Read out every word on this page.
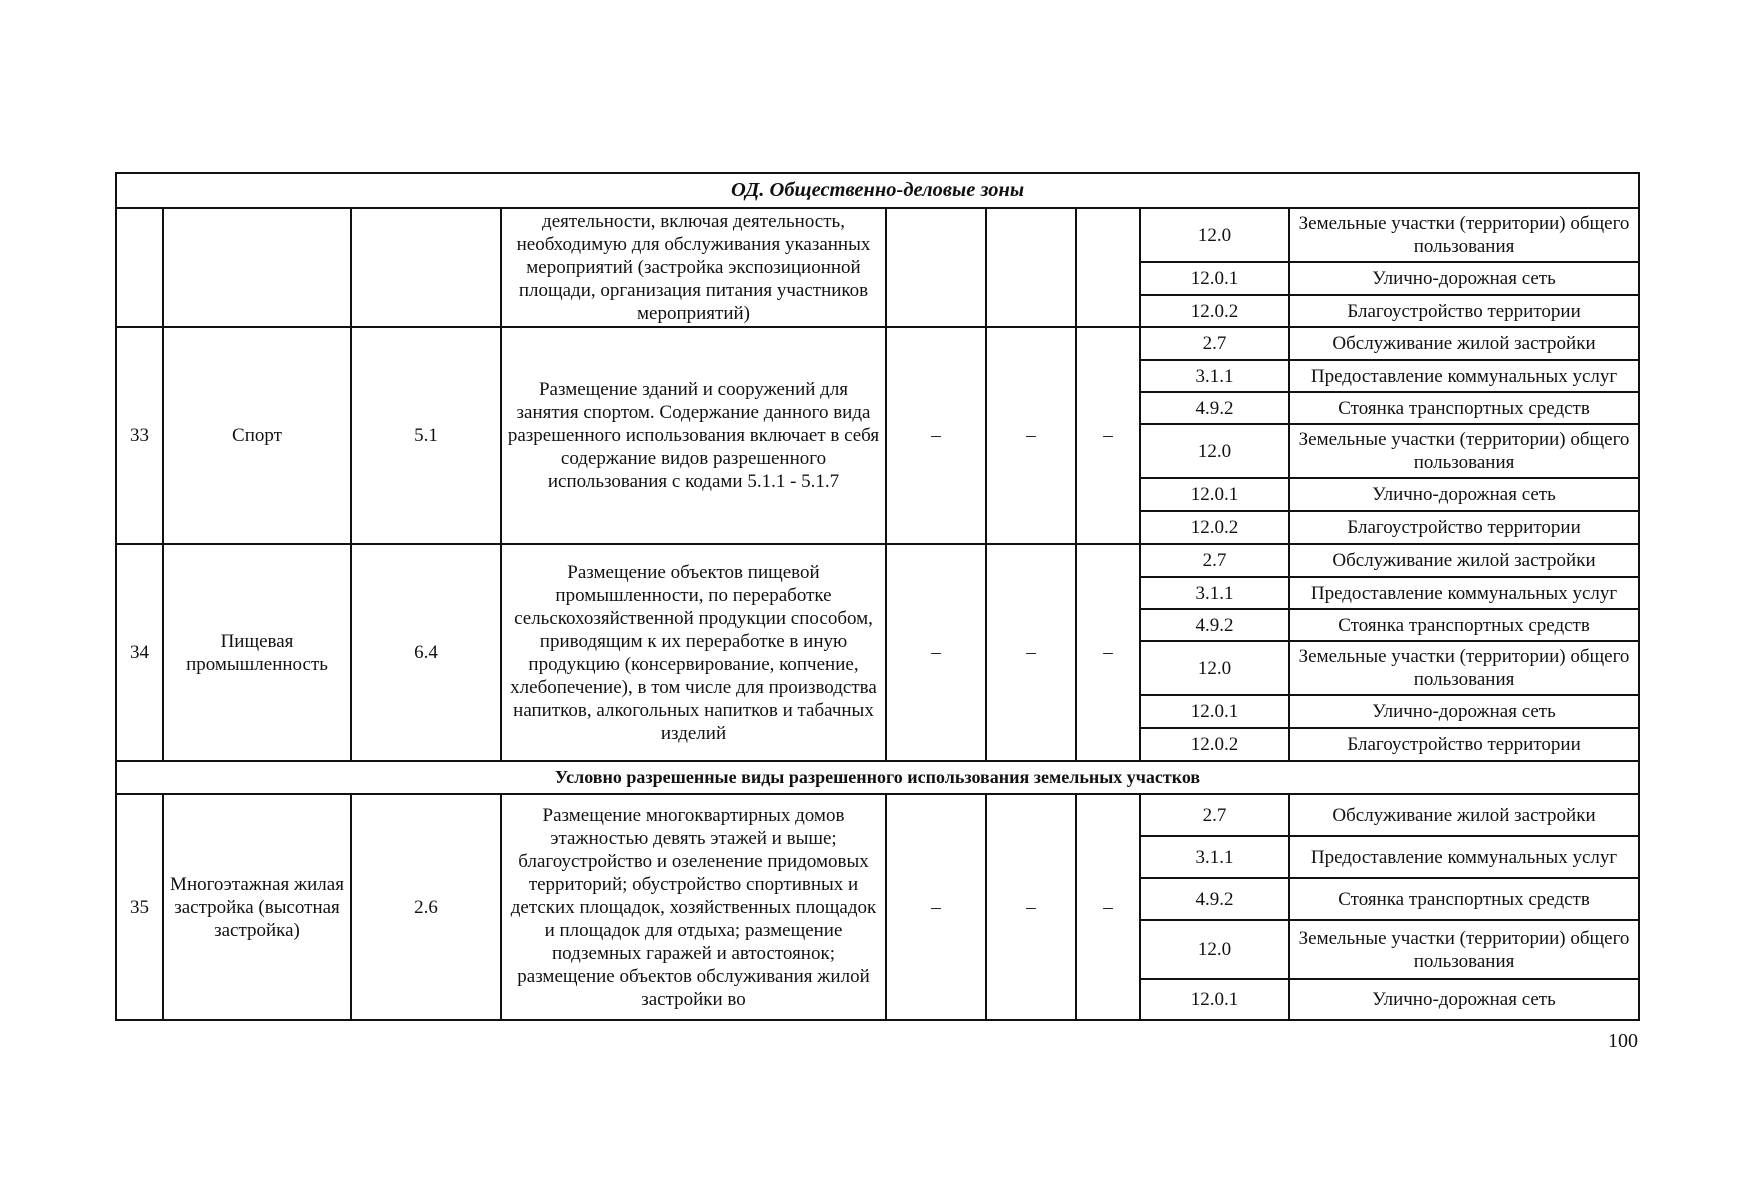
ОД. Общественно-деловые зоны								
			деятельности, включая деятельность, необходимую для обслуживания указанных мероприятий (застройка экспозиционной площади, организация питания участников мероприятий)				12.0	Земельные участки (территории) общего пользования
							12.0.1	Улично-дорожная сеть
							12.0.2	Благоустройство территории
33	Спорт	5.1	Размещение зданий и сооружений для занятия спортом. Содержание данного вида разрешенного использования включает в себя содержание видов разрешенного использования с кодами 5.1.1 - 5.1.7	–	–	–	2.7	Обслуживание жилой застройки
							3.1.1	Предоставление коммунальных услуг
							4.9.2	Стоянка транспортных средств
							12.0	Земельные участки (территории) общего пользования
							12.0.1	Улично-дорожная сеть
							12.0.2	Благоустройство территории
34	Пищевая промышленность	6.4	Размещение объектов пищевой промышленности, по переработке сельскохозяйственной продукции способом, приводящим к их переработке в иную продукцию (консервирование, копчение, хлебопечение), в том числе для производства напитков, алкогольных напитков и табачных изделий	–	–	–	2.7	Обслуживание жилой застройки
							3.1.1	Предоставление коммунальных услуг
							4.9.2	Стоянка транспортных средств
							12.0	Земельные участки (территории) общего пользования
							12.0.1	Улично-дорожная сеть
							12.0.2	Благоустройство территории
Условно разрешенные виды разрешенного использования земельных участков								
35	Многоэтажная жилая застройка (высотная застройка)	2.6	Размещение многоквартирных домов этажностью девять этажей и выше; благоустройство и озеленение придомовых территорий; обустройство спортивных и детских площадок, хозяйственных площадок и площадок для отдыха; размещение подземных гаражей и автостоянок; размещение объектов обслуживания жилой застройки во	–	–	–	2.7	Обслуживание жилой застройки
							3.1.1	Предоставление коммунальных услуг
							4.9.2	Стоянка транспортных средств
							12.0	Земельные участки (территории) общего пользования
							12.0.1	Улично-дорожная сеть
100
